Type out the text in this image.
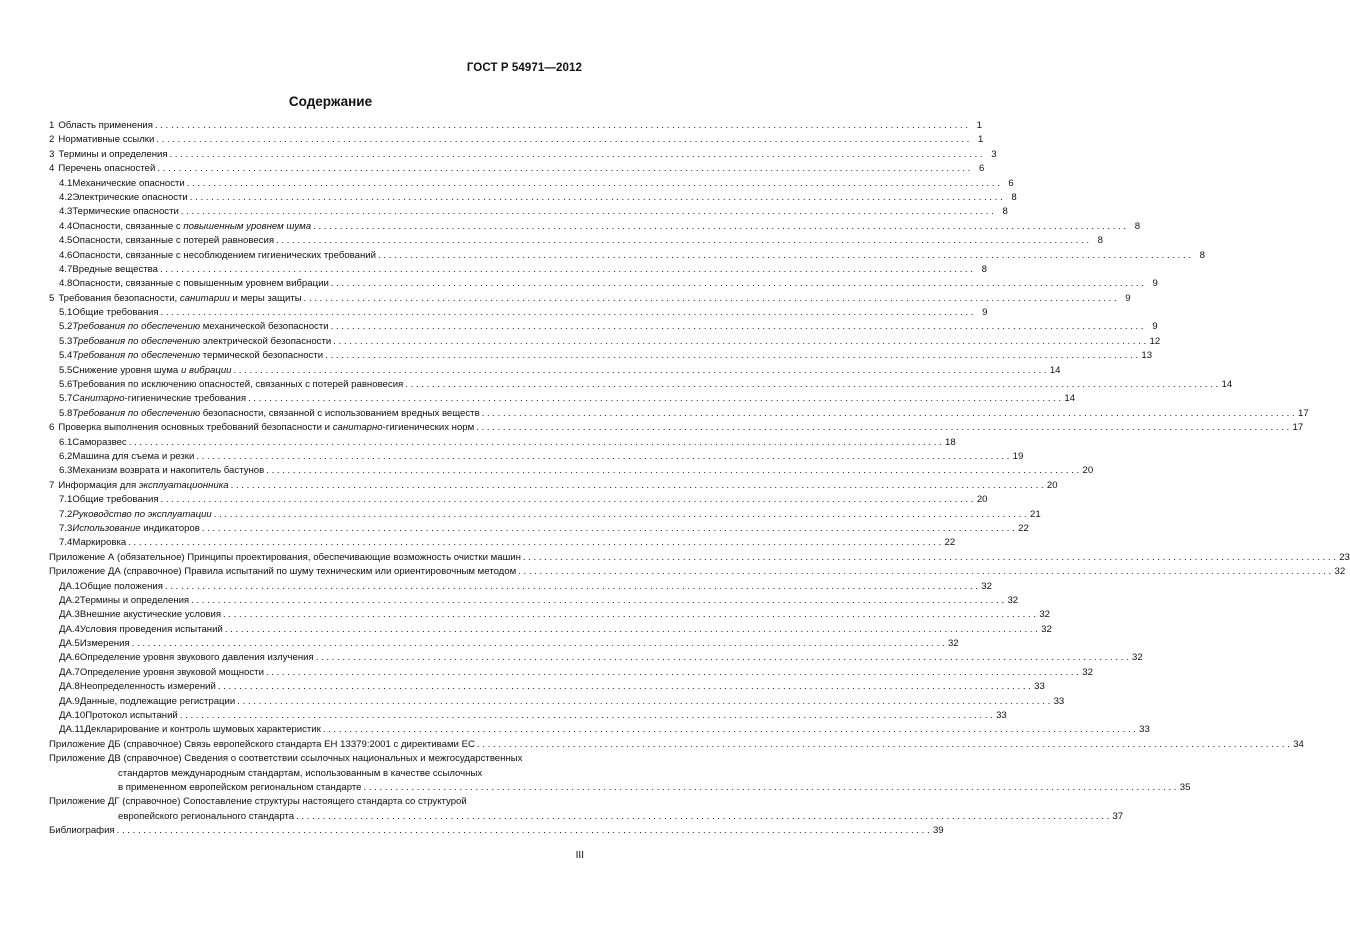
ГОСТ Р 54971—2012
Содержание
1 Область применения . . .	1
2 Нормативные ссылки . . .	1
3 Термины и определения . . .	3
4 Перечень опасностей . . .	6
4.1 Механические опасности . . .	6
4.2 Электрические опасности . . .	8
4.3 Термические опасности . . .	8
4.4 Опасности, связанные с повышенным уровнем шума . . .	8
4.5 Опасности, связанные с потерей равновесия . . .	8
4.6 Опасности, связанные с несоблюдением гигиенических требований . . .	8
4.7 Вредные вещества . . .	8
4.8 Опасности, связанные с повышенным уровнем вибрации . . .	9
5 Требования безопасности, санитарии и меры защиты . . .	9
5.1 Общие требования . . .	9
5.2 Требования по обеспечению механической безопасности . . .	9
5.3 Требования по обеспечению электрической безопасности . . .	12
5.4 Требования по обеспечению термической безопасности . . .	13
5.5 Снижение уровня шума и вибрации . . .	14
5.6 Требования по исключению опасностей, связанных с потерей равновесия . . .	14
5.7 Санитарно-гигиенические требования . . .	14
5.8 Требования по обеспечению безопасности, связанной с использованием вредных веществ . . .	17
6 Проверка выполнения основных требований безопасности и санитарно-гигиенических норм . . .	17
6.1 Саморазвес . . .	18
6.2 Машина для съема и резки . . .	19
6.3 Механизм возврата и накопитель бастунов . . .	20
7 Информация для эксплуатационника . . .	20
7.1 Общие требования . . .	20
7.2 Руководство по эксплуатации . . .	21
7.3 Использование индикаторов . . .	22
7.4 Маркировка . . .	22
Приложение А (обязательное) Принципы проектирования, обеспечивающие возможность очистки машин . . .	23
Приложение ДА (справочное) Правила испытаний по шуму техническим или ориентировочным методом . . .	32
ДА.1 Общие положения . . .	32
ДА.2 Термины и определения . . .	32
ДА.3 Внешние акустические условия . . .	32
ДА.4 Условия проведения испытаний . . .	32
ДА.5 Измерения . . .	32
ДА.6 Определение уровня звукового давления излучения . . .	32
ДА.7 Определение уровня звуковой мощности . . .	32
ДА.8 Неопределенность измерений . . .	33
ДА.9 Данные, подлежащие регистрации . . .	33
ДА.10 Протокол испытаний . . .	33
ДА.11 Декларирование и контроль шумовых характеристик . . .	33
Приложение ДБ (справочное) Связь европейского стандарта ЕН 13379:2001 с директивами ЕС . . .	34
Приложение ДВ (справочное) Сведения о соответствии ссылочных национальных и межгосударственных
стандартов международным стандартам, использованным в качестве ссылочных
в примененном европейском региональном стандарте . . .	35
Приложение ДГ (справочное) Сопоставление структуры настоящего стандарта со структурой
европейского регионального стандарта . . .	37
Библиография . . .	39
III
